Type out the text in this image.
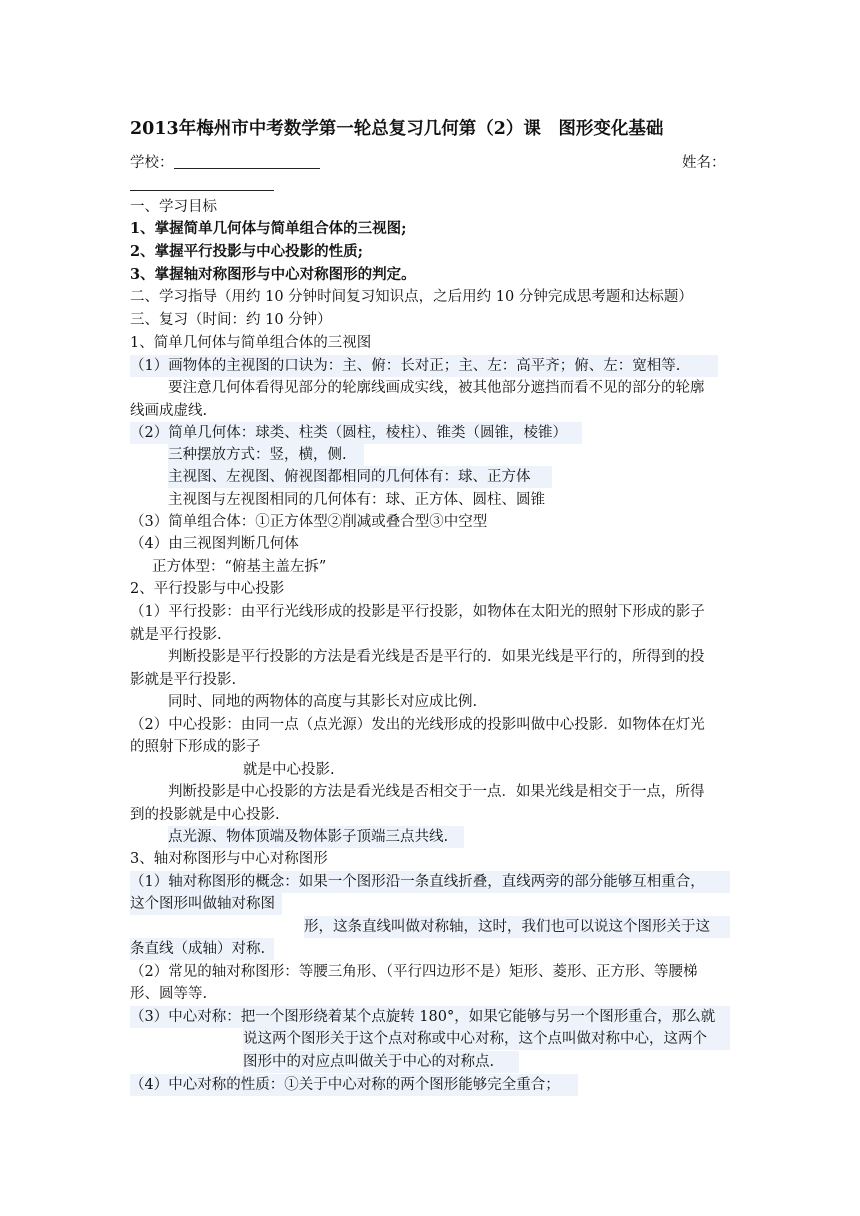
2013年梅州市中考数学第一轮总复习几何第（2）课　图形变化基础
学校：	姓名：
一、学习目标
1、掌握简单几何体与简单组合体的三视图;
2、掌握平行投影与中心投影的性质;
3、掌握轴对称图形与中心对称图形的判定。
二、学习指导（用约 10 分钟时间复习知识点，之后用约 10 分钟完成思考题和达标题）
三、复习（时间：约 10 分钟）
1、简单几何体与简单组合体的三视图
（1）画物体的主视图的口诀为：主、俯：长对正；主、左：高平齐；俯、左：宽相等.
要注意几何体看得见部分的轮廓线画成实线，被其他部分遮挡而看不见的部分的轮廓
线画成虚线.
（2）简单几何体：球类、柱类（圆柱，棱柱）、锥类（圆锥，棱锥）
三种摆放方式：竖，横，侧.
主视图、左视图、俯视图都相同的几何体有：球、正方体
主视图与左视图相同的几何体有：球、正方体、圆柱、圆锥
（3）简单组合体：①正方体型②削减或叠合型③中空型
（4）由三视图判断几何体
正方体型：“俯基主盖左拆”
2、平行投影与中心投影
（1）平行投影：由平行光线形成的投影是平行投影，如物体在太阳光的照射下形成的影子
就是平行投影.
判断投影是平行投影的方法是看光线是否是平行的．如果光线是平行的，所得到的投
影就是平行投影.
同时、同地的两物体的高度与其影长对应成比例.
（2）中心投影：由同一点（点光源）发出的光线形成的投影叫做中心投影．如物体在灯光
的照射下形成的影子
就是中心投影.
判断投影是中心投影的方法是看光线是否相交于一点．如果光线是相交于一点，所得
到的投影就是中心投影.
点光源、物体顶端及物体影子顶端三点共线.
3、轴对称图形与中心对称图形
（1）轴对称图形的概念：如果一个图形沿一条直线折叠，直线两旁的部分能够互相重合，
这个图形叫做轴对称图
形，这条直线叫做对称轴，这时，我们也可以说这个图形关于这
条直线（成轴）对称.
（2）常见的轴对称图形：等腰三角形、（平行四边形不是）矩形、菱形、正方形、等腰梯
形、圆等等.
（3）中心对称：把一个图形绕着某个点旋转 180°，如果它能够与另一个图形重合，那么就
说这两个图形关于这个点对称或中心对称，这个点叫做对称中心，这两个
图形中的对应点叫做关于中心的对称点.
（4）中心对称的性质：①关于中心对称的两个图形能够完全重合；
